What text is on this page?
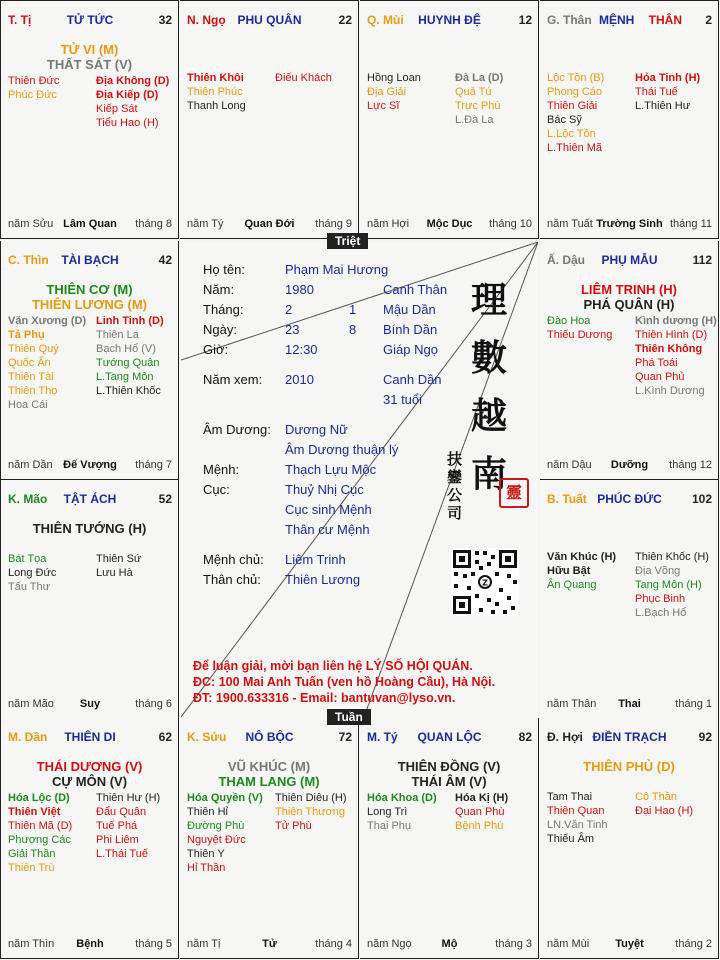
T. Tị	TỬ TỨC	32
TỬ VI (M)
THẤT SÁT (V)
Thiên Đức
Phúc Đức
Địa Không (D)
Địa Kiếp (D)
Kiếp Sát
Tiểu Hao (H)
năm Sửu Lâm Quan	tháng 8
N. Ngọ PHU QUÂN	22
Thiên Khôi
Thiên Phúc
Thanh Long
Điếu Khách
năm Tý	Quan Đới	tháng 9
Q. Mùi	HUYNH ĐỆ	12
Hồng Loan
Địa Giải
Lực Sĩ
Đà La (D)
Quả Tú
Trực Phù
L.Đà La
năm Hợi	Mộc Dục	tháng 10
G. Thân MỆNH	THÂN 2
Lộc Tồn (B)
Phong Cáo
Thiên Giải
Bác Sỹ
L.Lộc Tồn
L.Thiên Mã
Hỏa Tinh (H)
Thái Tuế
L.Thiên Hư
năm Tuất Trường Sinh tháng 11
C. Thìn	TÀI BẠCH	42
THIÊN CƠ (M)
THIÊN LƯƠNG (M)
Văn Xương (D)
Tả Phụ
Thiên Quý
Quốc Ấn
Thiên Tài
Thiên Thọ
Hoa Cái
Linh Tinh (D)
Thiên La
Bạch Hổ (V)
Tướng Quân
L.Tang Môn
L.Thiên Khốc
năm Dần Đế Vượng	tháng 7
Ấ. Dậu	PHỤ MẪU	112
LIÊM TRINH (H)
PHÁ QUÂN (H)
Đào Hoa
Thiếu Dương
Kình dương (H)
Thiên Hình (D)
Thiên Không
Phá Toái
Quan Phủ
L.Kình Dương
năm Dậu	Dưỡng	tháng 12
K. Mão	TẬT ÁCH	52
THIÊN TƯỚNG (H)
Bát Tọa
Long Đức
Tấu Thư
Thiên Sứ
Lưu Hà
năm Mão	Suy	tháng 6
B. Tuất PHÚC ĐỨC	102
Văn Khúc (H)
Hữu Bật
Ân Quang
Thiên Khốc (H)
Địa Võng
Tang Môn (H)
Phục Binh
L.Bạch Hổ
năm Thân	Thai	tháng 1
M. Dần	THIÊN DI	62
THÁI DƯƠNG (V)
CỰ MÔN (V)
Hóa Lộc (D)
Thiên Việt
Thiên Mã (D)
Phượng Các
Giải Thần
Thiên Trù
Thiên Hư (H)
Đẩu Quân
Tuế Phá
Phi Liêm
L.Thái Tuế
năm Thìn	Bệnh	tháng 5
K. Sửu	NÔ BỘC	72
VŨ KHÚC (M)
THAM LANG (M)
Hóa Quyền (V)
Thiên Hỉ
Đường Phù
Nguyệt Đức
Thiên Y
Hỉ Thần
Thiên Diêu (H)
Thiên Thương
Tử Phù
năm Tị	Tử	tháng 4
M. Tý	QUAN LỘC	82
THIÊN ĐỒNG (V)
THÁI ÂM (V)
Hóa Khoa (D)
Long Trì
Thai Phụ
Hóa Kị (H)
Quan Phù
Bệnh Phù
năm Ngọ	Mộ	tháng 3
Đ. Hợi ĐIỀN TRẠCH	92
THIÊN PHỦ (D)
Tam Thai
Thiên Quan
LN.Văn Tinh
Thiếu Âm
Cô Thần
Đại Hao (H)
năm Mùi	Tuyệt	tháng 2
Họ tên:	Phạm Mai Hương
Năm:	1980	Canh Thân
Tháng:	2	1 Mậu Dần
Ngày:	23	8 Bính Dần
Giờ:	12:30	Giáp Ngọ
Năm xem: 2010	Canh Dần
31 tuổi
Âm Dương: Dương Nữ
Âm Dương thuận lý
Mệnh:	Thạch Lựu Mộc
Cục:	Thuỷ Nhị Cục
Cục sinh Mệnh
Thân cư Mệnh
Mệnh chủ: Liêm Trinh
Thân chủ: Thiên Lương
理
數
越
南
扶鑾公司
靈
Z
Để luận giải, mời bạn liên hệ LÝ SỐ HỘI QUÁN.
ĐC: 100 Mai Anh Tuấn (ven hồ Hoàng Cầu), Hà Nội.
ĐT: 1900.633316 - Email: bantuvan@lyso.vn.
Triệt
Tuần
